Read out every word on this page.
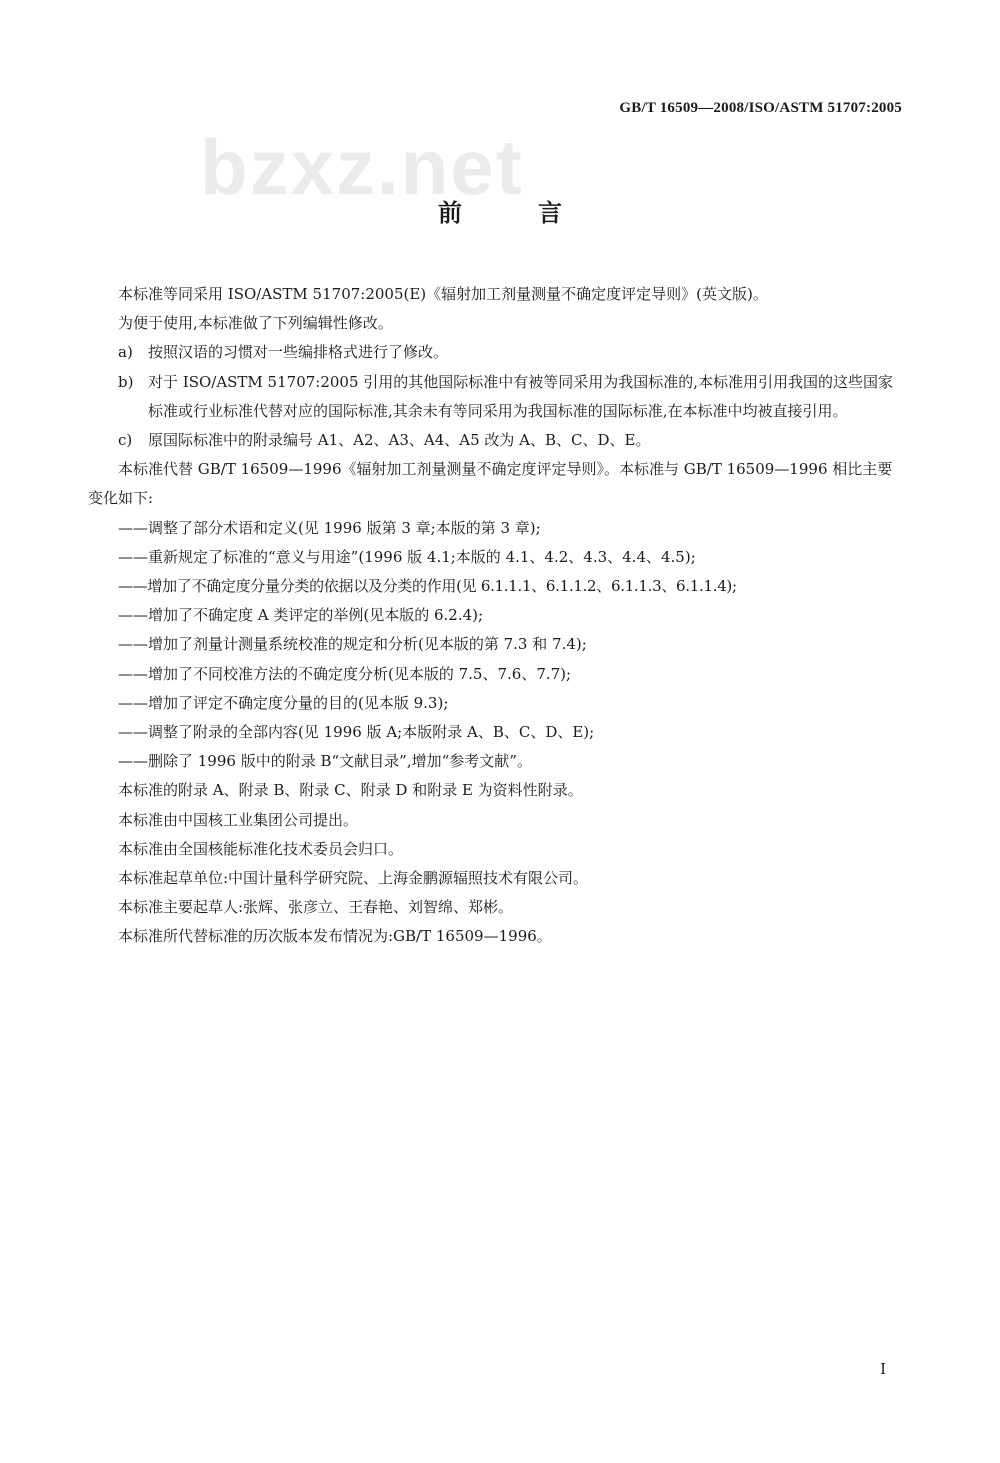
GB/T 16509—2008/ISO/ASTM 51707:2005
bzxz.net
前　言
本标准等同采用 ISO/ASTM 51707:2005(E)《辐射加工剂量测量不确定度评定导则》(英文版)。
为便于使用,本标准做了下列编辑性修改。
a) 按照汉语的习惯对一些编排格式进行了修改。
b) 对于 ISO/ASTM 51707:2005 引用的其他国际标准中有被等同采用为我国标准的,本标准用引用我国的这些国家标准或行业标准代替对应的国际标准,其余未有等同采用为我国标准的国际标准,在本标准中均被直接引用。
c) 原国际标准中的附录编号 A1、A2、A3、A4、A5 改为 A、B、C、D、E。
本标准代替 GB/T 16509—1996《辐射加工剂量测量不确定度评定导则》。本标准与 GB/T 16509—1996 相比主要变化如下:
——调整了部分术语和定义(见 1996 版第 3 章;本版的第 3 章);
——重新规定了标准的“意义与用途”(1996 版 4.1;本版的 4.1、4.2、4.3、4.4、4.5);
——增加了不确定度分量分类的依据以及分类的作用(见 6.1.1.1、6.1.1.2、6.1.1.3、6.1.1.4);
——增加了不确定度 A 类评定的举例(见本版的 6.2.4);
——增加了剂量计测量系统校准的规定和分析(见本版的第 7.3 和 7.4);
——增加了不同校准方法的不确定度分析(见本版的 7.5、7.6、7.7);
——增加了评定不确定度分量的目的(见本版 9.3);
——调整了附录的全部内容(见 1996 版 A;本版附录 A、B、C、D、E);
——删除了 1996 版中的附录 B“文献目录”,增加“参考文献”。
本标准的附录 A、附录 B、附录 C、附录 D 和附录 E 为资料性附录。
本标准由中国核工业集团公司提出。
本标准由全国核能标准化技术委员会归口。
本标准起草单位:中国计量科学研究院、上海金鹏源辐照技术有限公司。
本标准主要起草人:张辉、张彦立、王春艳、刘智绵、郑彬。
本标准所代替标准的历次版本发布情况为:GB/T 16509—1996。
I
